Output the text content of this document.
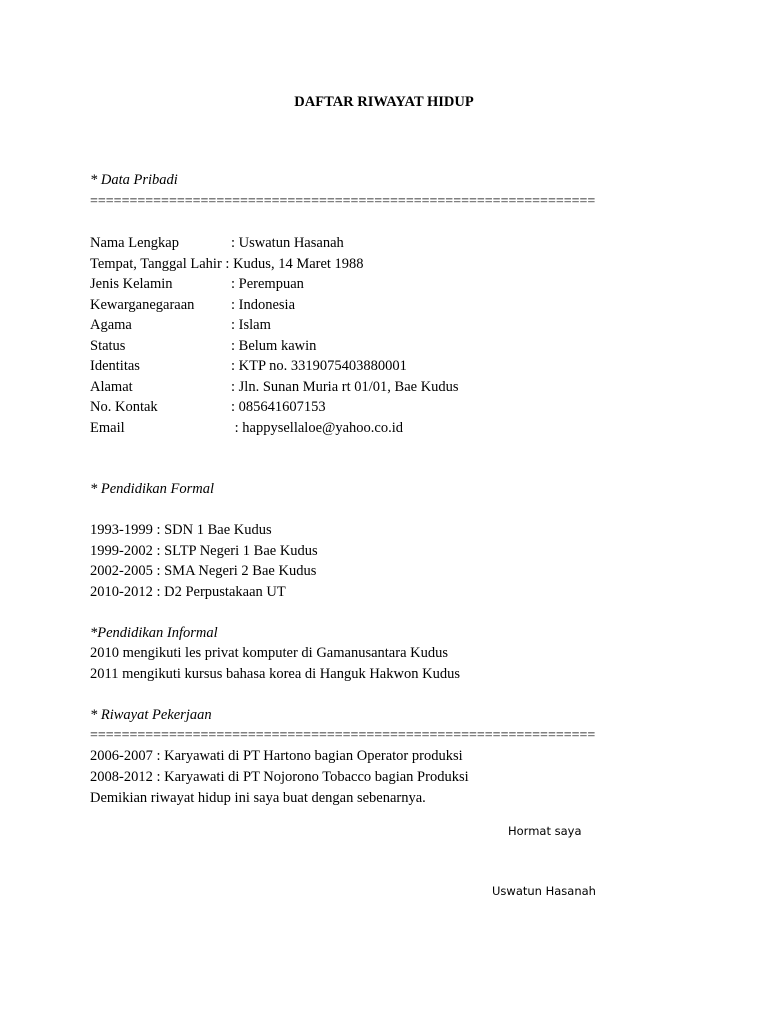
DAFTAR RIWAYAT HIDUP
* Data Pribadi
================================================================
Nama Lengkap	: Uswatun Hasanah
Tempat, Tanggal Lahir : Kudus, 14 Maret 1988
Jenis Kelamin	: Perempuan
Kewarganegaraan	: Indonesia
Agama	: Islam
Status	: Belum kawin
Identitas	: KTP no. 3319075403880001
Alamat	: Jln. Sunan Muria rt 01/01, Bae Kudus
No. Kontak	: 085641607153
Email	: happysellaloe@yahoo.co.id
* Pendidikan Formal
1993-1999 : SDN 1 Bae Kudus
1999-2002 : SLTP Negeri 1 Bae Kudus
2002-2005 : SMA Negeri 2 Bae Kudus
2010-2012 : D2 Perpustakaan UT
*Pendidikan Informal
2010 mengikuti les privat komputer di Gamanusantara Kudus
2011 mengikuti kursus bahasa korea di Hanguk Hakwon Kudus
* Riwayat Pekerjaan
================================================================
2006-2007 : Karyawati di PT Hartono bagian Operator produksi
2008-2012 : Karyawati di PT Nojorono Tobacco bagian Produksi
Demikian riwayat hidup ini saya buat dengan sebenarnya.
Hormat saya
Uswatun Hasanah
